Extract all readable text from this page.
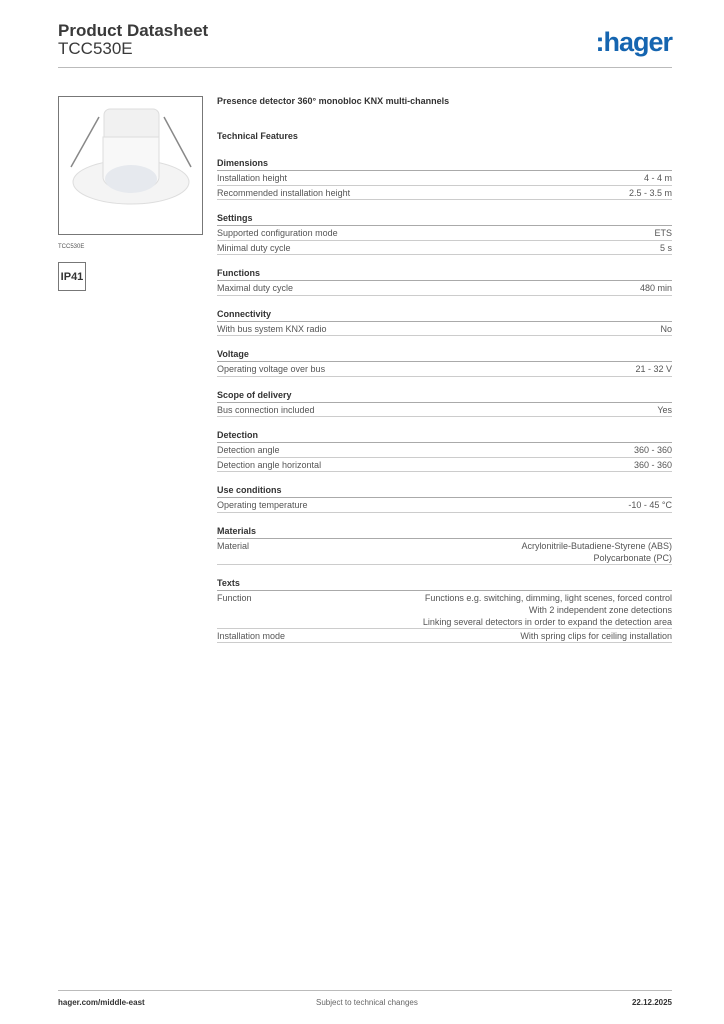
Product Datasheet
TCC530E	:hager
TCC530E
IP41
Presence detector 360° monobloc KNX multi-channels
Technical Features
Dimensions
Installation height	4 - 4 m
Recommended installation height	2.5 - 3.5 m
Settings
Supported configuration mode	ETS
Minimal duty cycle	5 s
Functions
Maximal duty cycle	480 min
Connectivity
With bus system KNX radio	No
Voltage
Operating voltage over bus	21 - 32 V
Scope of delivery
Bus connection included	Yes
Detection
Detection angle	360 - 360
Detection angle horizontal	360 - 360
Use conditions
Operating temperature	-10 - 45 °C
Materials
Material	Acrylonitrile-Butadiene-Styrene (ABS)
Polycarbonate (PC)
Texts
Function	Functions e.g. switching, dimming, light scenes, forced control
With 2 independent zone detections
Linking several detectors in order to expand the detection area
Installation mode	With spring clips for ceiling installation
hager.com/middle-east	Subject to technical changes	22.12.2025
